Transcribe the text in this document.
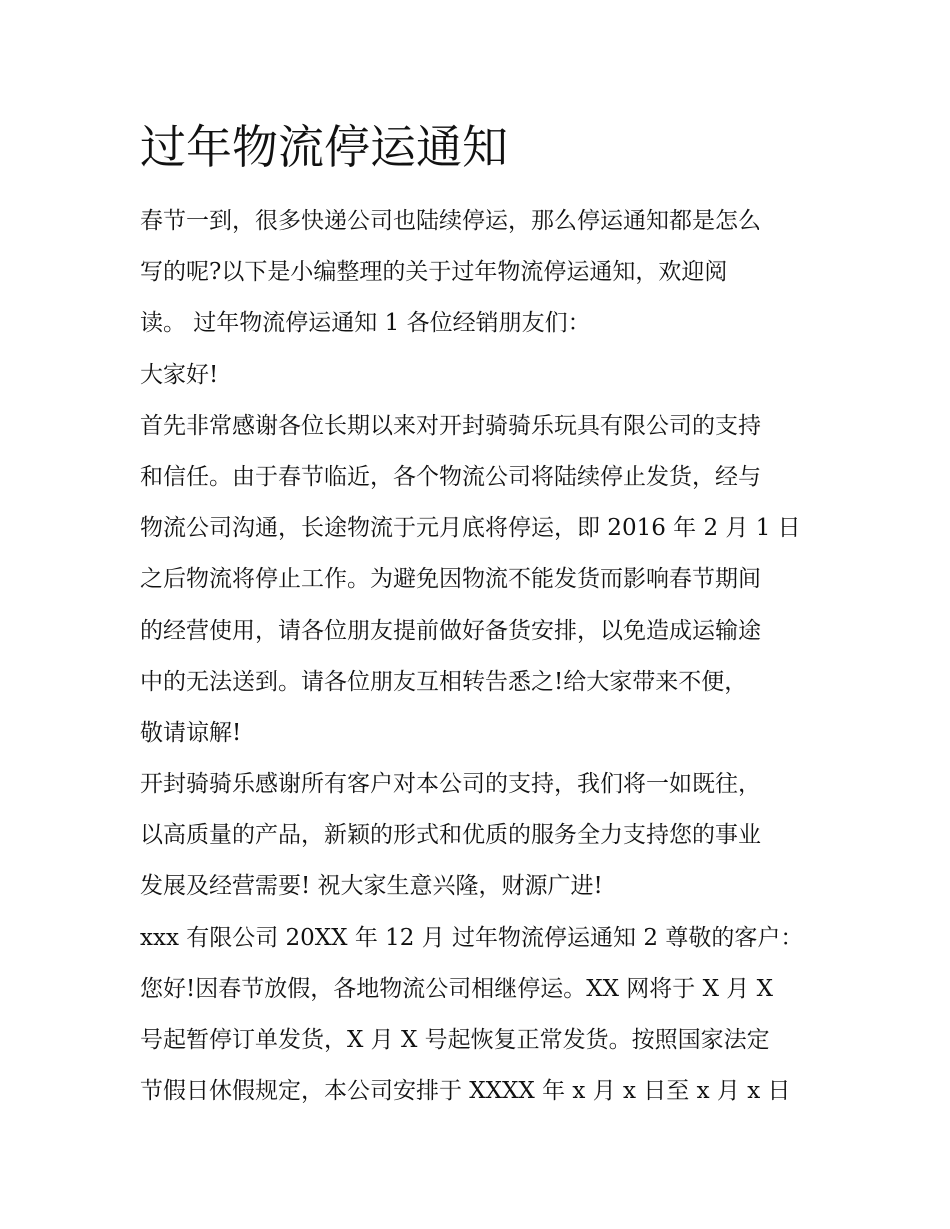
过年物流停运通知
春节一到，很多快递公司也陆续停运，那么停运通知都是怎么
写的呢?以下是小编整理的关于过年物流停运通知，欢迎阅
读。 过年物流停运通知 1 各位经销朋友们：
大家好!
首先非常感谢各位长期以来对开封骑骑乐玩具有限公司的支持
和信任。由于春节临近，各个物流公司将陆续停止发货，经与
物流公司沟通，长途物流于元月底将停运，即 2016 年 2 月 1 日
之后物流将停止工作。为避免因物流不能发货而影响春节期间
的经营使用，请各位朋友提前做好备货安排，以免造成运输途
中的无法送到。请各位朋友互相转告悉之!给大家带来不便，
敬请谅解!
开封骑骑乐感谢所有客户对本公司的支持，我们将一如既往，
以高质量的产品，新颖的形式和优质的服务全力支持您的事业
发展及经营需要! 祝大家生意兴隆，财源广进!
xxx 有限公司 20XX 年 12 月 过年物流停运通知 2 尊敬的客户：
您好!因春节放假，各地物流公司相继停运。XX 网将于 X 月 X
号起暂停订单发货，X 月 X 号起恢复正常发货。按照国家法定
节假日休假规定，本公司安排于 XXXX 年 x 月 x 日至 x 月 x 日
